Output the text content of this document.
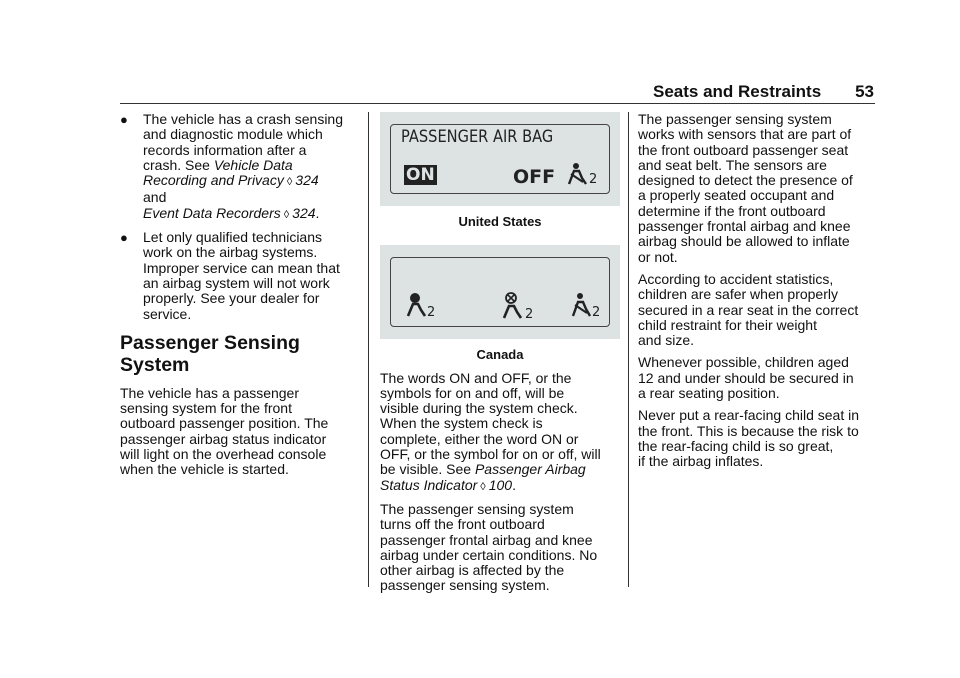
Seats and Restraints 53
●	The vehicle has a crash sensing
and diagnostic module which
records information after a
crash. See Vehicle Data
Recording and Privacy ◊ 324
and
Event Data Recorders ◊ 324.
●	Let only qualified technicians
work on the airbag systems.
Improper service can mean that
an airbag system will not work
properly. See your dealer for
service.
Passenger Sensing
System
The vehicle has a passenger
sensing system for the front
outboard passenger position. The
passenger airbag status indicator
will light on the overhead console
when the vehicle is started.
PASSENGER AIR BAG
ON	OFF	2
United States
2	2	2
Canada
The words ON and OFF, or the
symbols for on and off, will be
visible during the system check.
When the system check is
complete, either the word ON or
OFF, or the symbol for on or off, will
be visible. See Passenger Airbag
Status Indicator ◊ 100.
The passenger sensing system
turns off the front outboard
passenger frontal airbag and knee
airbag under certain conditions. No
other airbag is affected by the
passenger sensing system.
The passenger sensing system
works with sensors that are part of
the front outboard passenger seat
and seat belt. The sensors are
designed to detect the presence of
a properly seated occupant and
determine if the front outboard
passenger frontal airbag and knee
airbag should be allowed to inflate
or not.
According to accident statistics,
children are safer when properly
secured in a rear seat in the correct
child restraint for their weight
and size.
Whenever possible, children aged
12 and under should be secured in
a rear seating position.
Never put a rear-facing child seat in
the front. This is because the risk to
the rear-facing child is so great,
if the airbag inflates.
